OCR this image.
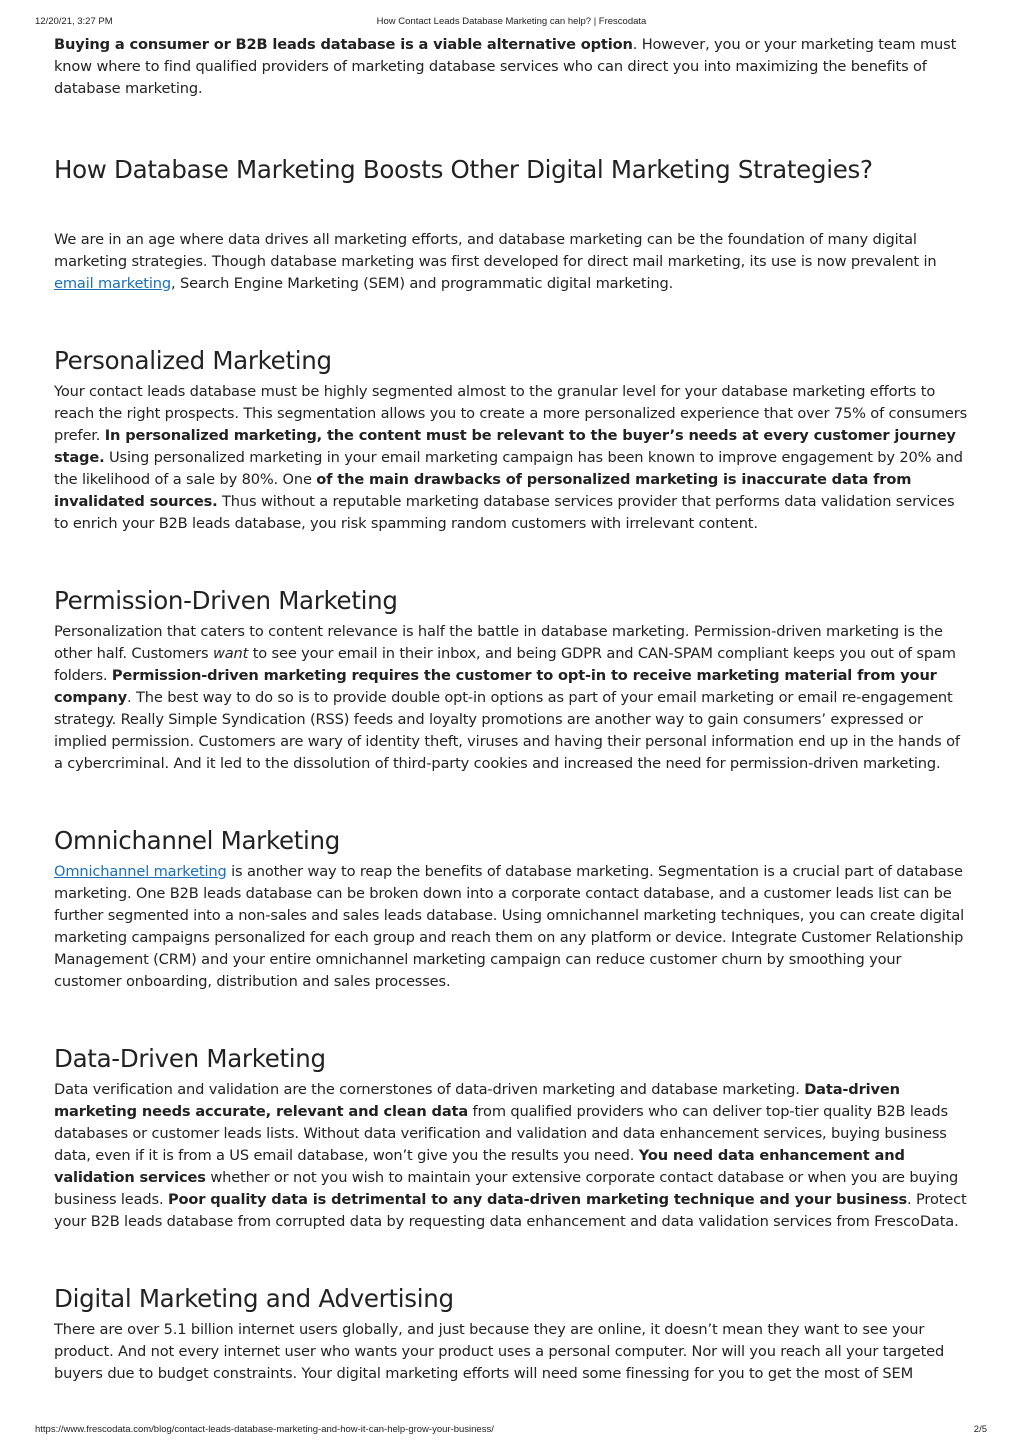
12/20/21, 3:27 PM	How Contact Leads Database Marketing can help? | Frescodata

Buying a consumer or B2B leads database is a viable alternative option. However, you or your marketing team must know where to find qualified providers of marketing database services who can direct you into maximizing the benefits of database marketing.

How Database Marketing Boosts Other Digital Marketing Strategies?

We are in an age where data drives all marketing efforts, and database marketing can be the foundation of many digital marketing strategies. Though database marketing was first developed for direct mail marketing, its use is now prevalent in email marketing, Search Engine Marketing (SEM) and programmatic digital marketing.

Personalized Marketing

Your contact leads database must be highly segmented almost to the granular level for your database marketing efforts to reach the right prospects. This segmentation allows you to create a more personalized experience that over 75% of consumers prefer. In personalized marketing, the content must be relevant to the buyer’s needs at every customer journey stage. Using personalized marketing in your email marketing campaign has been known to improve engagement by 20% and the likelihood of a sale by 80%. One of the main drawbacks of personalized marketing is inaccurate data from invalidated sources. Thus without a reputable marketing database services provider that performs data validation services to enrich your B2B leads database, you risk spamming random customers with irrelevant content.

Permission-Driven Marketing

Personalization that caters to content relevance is half the battle in database marketing. Permission-driven marketing is the other half. Customers want to see your email in their inbox, and being GDPR and CAN-SPAM compliant keeps you out of spam folders. Permission-driven marketing requires the customer to opt-in to receive marketing material from your company. The best way to do so is to provide double opt-in options as part of your email marketing or email re-engagement strategy. Really Simple Syndication (RSS) feeds and loyalty promotions are another way to gain consumers’ expressed or implied permission. Customers are wary of identity theft, viruses and having their personal information end up in the hands of a cybercriminal. And it led to the dissolution of third-party cookies and increased the need for permission-driven marketing.

Omnichannel Marketing

Omnichannel marketing is another way to reap the benefits of database marketing. Segmentation is a crucial part of database marketing. One B2B leads database can be broken down into a corporate contact database, and a customer leads list can be further segmented into a non-sales and sales leads database. Using omnichannel marketing techniques, you can create digital marketing campaigns personalized for each group and reach them on any platform or device. Integrate Customer Relationship Management (CRM) and your entire omnichannel marketing campaign can reduce customer churn by smoothing your customer onboarding, distribution and sales processes.

Data-Driven Marketing

Data verification and validation are the cornerstones of data-driven marketing and database marketing. Data-driven marketing needs accurate, relevant and clean data from qualified providers who can deliver top-tier quality B2B leads databases or customer leads lists. Without data verification and validation and data enhancement services, buying business data, even if it is from a US email database, won’t give you the results you need. You need data enhancement and validation services whether or not you wish to maintain your extensive corporate contact database or when you are buying business leads. Poor quality data is detrimental to any data-driven marketing technique and your business. Protect your B2B leads database from corrupted data by requesting data enhancement and data validation services from FrescoData.

Digital Marketing and Advertising

There are over 5.1 billion internet users globally, and just because they are online, it doesn’t mean they want to see your product. And not every internet user who wants your product uses a personal computer. Nor will you reach all your targeted buyers due to budget constraints. Your digital marketing efforts will need some finessing for you to get the most of SEM

https://www.frescodata.com/blog/contact-leads-database-marketing-and-how-it-can-help-grow-your-business/	2/5
